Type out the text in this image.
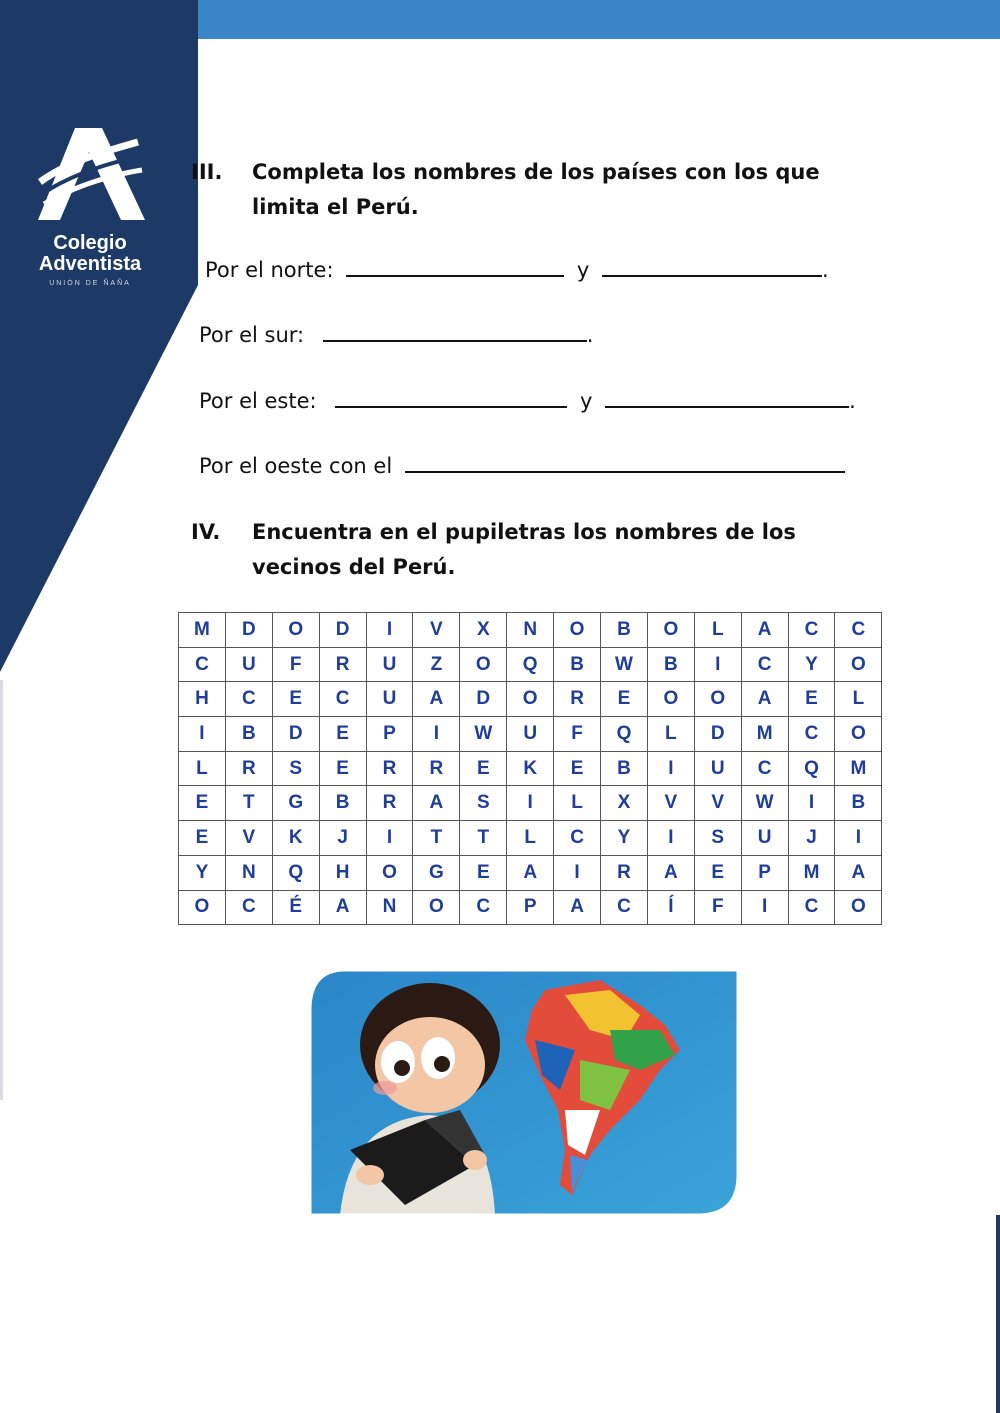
Colegio
Adventista
UNIÓN DE ÑAÑA
III. Completa los nombres de los países con los que limita el Perú.
Por el norte:	y	.
Por el sur:	.
Por el este:	y	.
Por el oeste con el
IV. Encuentra en el pupiletras los nombres de los vecinos del Perú.
M	D	O	D	I	V	X	N	O	B	O	L	A	C	C
C	U	F	R	U	Z	O	Q	B	W	B	I	C	Y	O
H	C	E	C	U	A	D	O	R	E	O	O	A	E	L
I	B	D	E	P	I	W	U	F	Q	L	D	M	C	O
L	R	S	E	R	R	E	K	E	B	I	U	C	Q	M
E	T	G	B	R	A	S	I	L	X	V	V	W	I	B
E	V	K	J	I	T	T	L	C	Y	I	S	U	J	I
Y	N	Q	H	O	G	E	A	I	R	A	E	P	M	A
O	C	É	A	N	O	C	P	A	C	Í	F	I	C	O
